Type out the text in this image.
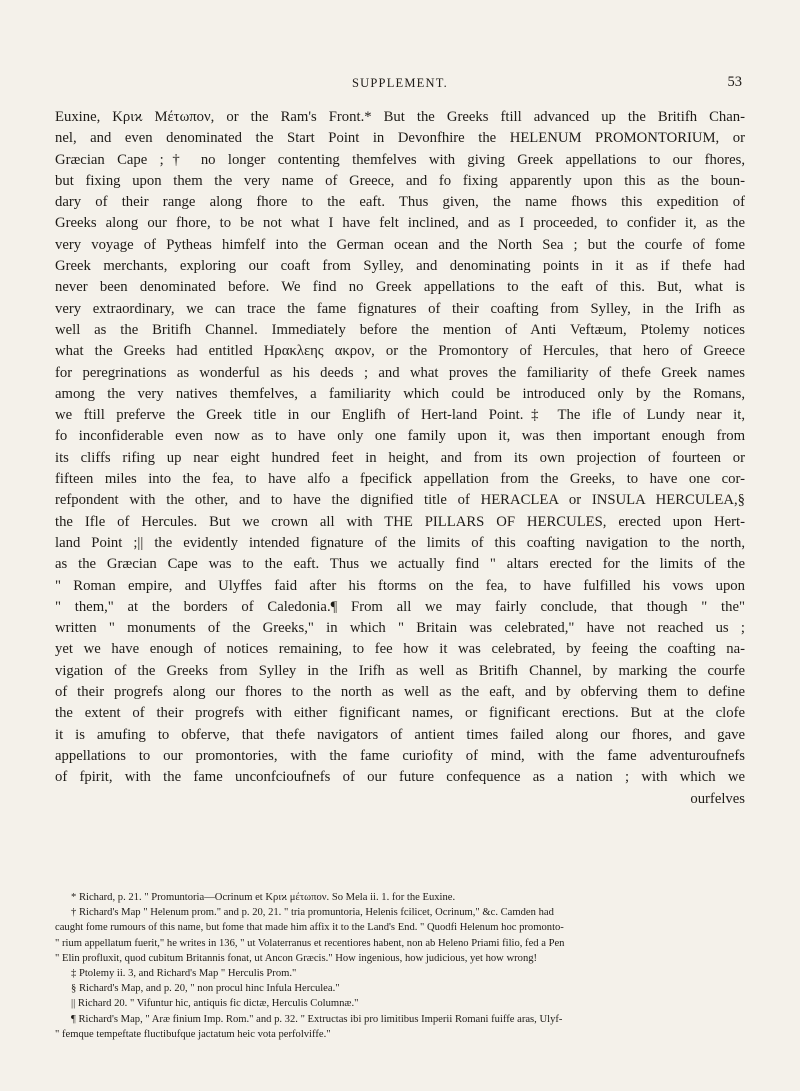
SUPPLEMENT.	53
Euxine, Κριϰ Μέτωπον, or the Ram's Front.* But the Greeks ftill advanced up the Britifh Chan-
nel, and even denominated the Start Point in Devonfhire the HELENUM PROMONTORIUM, or
Græcian Cape ;† no longer contenting themfelves with giving Greek appellations to our fhores,
but fixing upon them the very name of Greece, and fo fixing apparently upon this as the boun-
dary of their range along fhore to the eaft. Thus given, the name fhows this expedition of
Greeks along our fhore, to be not what I have felt inclined, and as I proceeded, to confider it, as the
very voyage of Pytheas himfelf into the German ocean and the North Sea ; but the courfe of fome
Greek merchants, exploring our coaft from Sylley, and denominating points in it as if thefe had
never been denominated before. We find no Greek appellations to the eaft of this. But, what is
very extraordinary, we can trace the fame fignatures of their coafting from Sylley, in the Irifh as
well as the Britifh Channel. Immediately before the mention of Anti Veftæum, Ptolemy notices
what the Greeks had entitled Ηρακλεης ακρον, or the Promontory of Hercules, that hero of Greece
for peregrinations as wonderful as his deeds ; and what proves the familiarity of thefe Greek names
among the very natives themfelves, a familiarity which could be introduced only by the Romans,
we ftill preferve the Greek title in our Englifh of Hert-land Point.‡ The ifle of Lundy near it,
fo inconfiderable even now as to have only one family upon it, was then important enough from
its cliffs rifing up near eight hundred feet in height, and from its own projection of fourteen or
fifteen miles into the fea, to have alfo a fpecifick appellation from the Greeks, to have one cor-
refpondent with the other, and to have the dignified title of HERACLEA or INSULA HERCULEA,§
the Ifle of Hercules. But we crown all with THE PILLARS OF HERCULES, erected upon Hert-
land Point ;|| the evidently intended fignature of the limits of this coafting navigation to the north,
as the Græcian Cape was to the eaft. Thus we actually find " altars erected for the limits of the
" Roman empire, and Ulyffes faid after his ftorms on the fea, to have fulfilled his vows upon
" them," at the borders of Caledonia.¶ From all we may fairly conclude, that though " the"
written " monuments of the Greeks," in which " Britain was celebrated," have not reached us ;
yet we have enough of notices remaining, to fee how it was celebrated, by feeing the coafting na-
vigation of the Greeks from Sylley in the Irifh as well as Britifh Channel, by marking the courfe
of their progrefs along our fhores to the north as well as the eaft, and by obferving them to define
the extent of their progrefs with either fignificant names, or fignificant erections. But at the clofe
it is amufing to obferve, that thefe navigators of antient times failed along our fhores, and gave
appellations to our promontories, with the fame curiofity of mind, with the fame adventuroufnefs
of fpirit, with the fame unconfcioufnefs of our future confequence as a nation ; with which we
ourfelves
* Richard, p. 21. " Promuntoria—Ocrinum et Κριϰ μέτωπον. So Mela ii. 1. for the Euxine.
† Richard's Map " Helenum prom." and p. 20, 21. " tria promuntoria, Helenis fcilicet, Ocrinum," &c. Camden had
caught fome rumours of this name, but fome that made him affix it to the Land's End. " Quodfi Helenum hoc promonto-
" rium appellatum fuerit," he writes in 136, " ut Volaterranus et recentiores habent, non ab Heleno Priami filio, fed a Pen
" Elin profluxit, quod cubitum Britannis fonat, ut Ancon Græcis." How ingenious, how judicious, yet how wrong!
‡ Ptolemy ii. 3, and Richard's Map " Herculis Prom."
§ Richard's Map, and p. 20, " non procul hinc Infula Herculea."
|| Richard 20. " Vifuntur hic, antiquis fic dictæ, Herculis Columnæ."
¶ Richard's Map, " Aræ finium Imp. Rom." and p. 32. " Extructas ibi pro limitibus Imperii Romani fuiffe aras, Ulyf-
" femque tempeftate fluctibufque jactatum heic vota perfolviffe."
